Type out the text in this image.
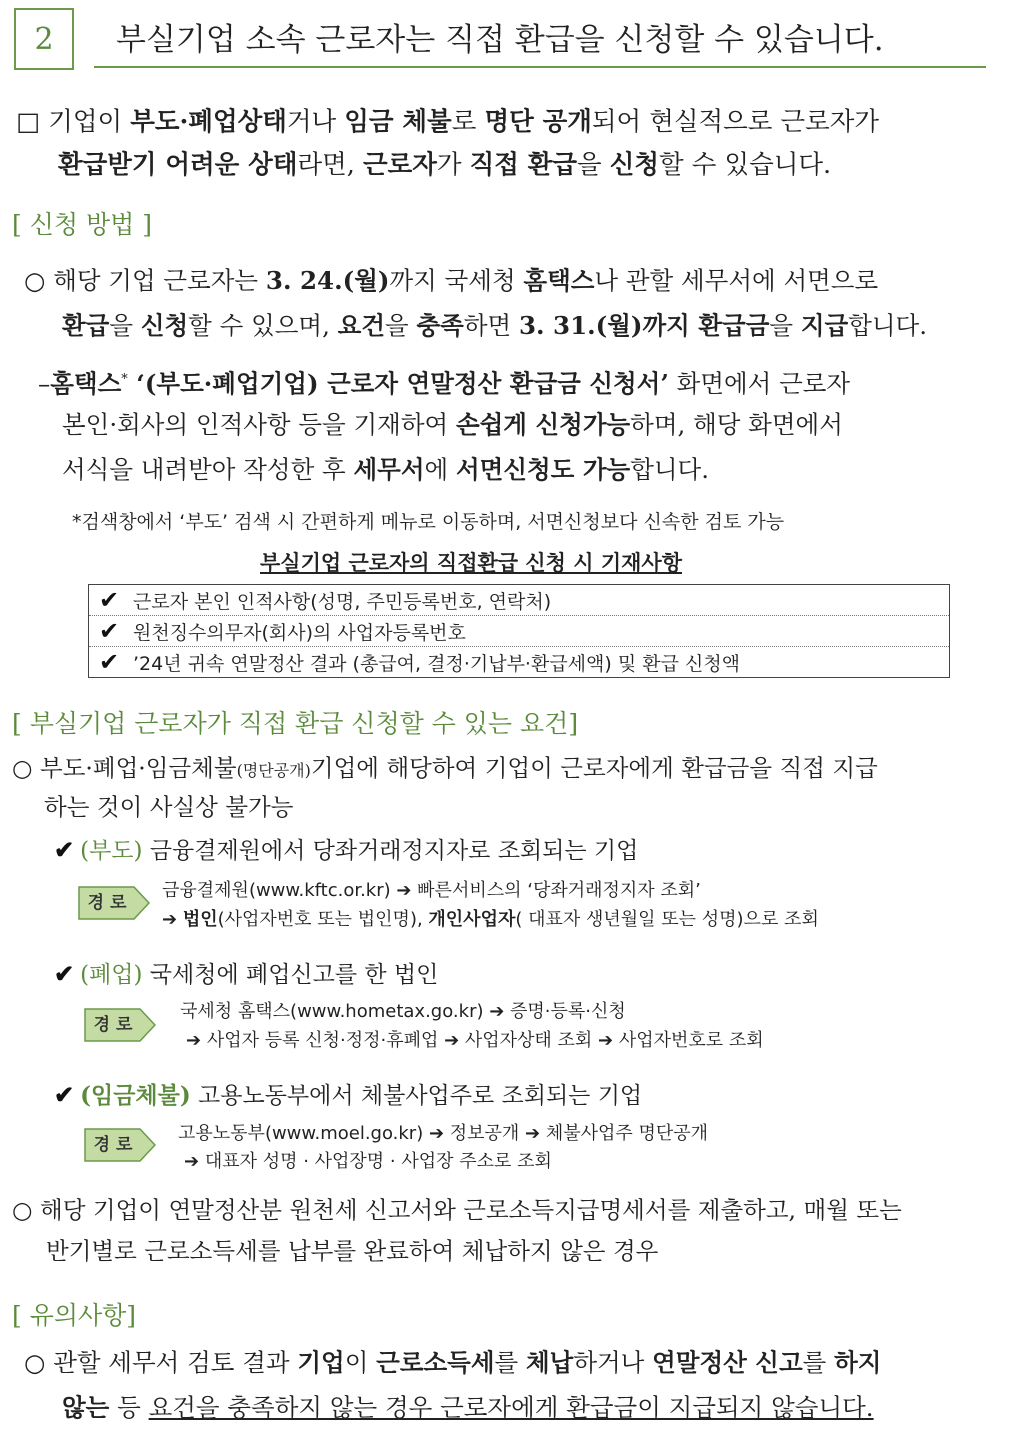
2 부실기업 소속 근로자는 직접 환급을 신청할 수 있습니다.
□ 기업이 부도·폐업상태거나 임금 체불로 명단 공개되어 현실적으로 근로자가
환급받기 어려운 상태라면, 근로자가 직접 환급을 신청할 수 있습니다.
[ 신청 방법 ]
○ 해당 기업 근로자는 3. 24.(월)까지 국세청 홈택스나 관할 세무서에 서면으로
환급을 신청할 수 있으며, 요건을 충족하면 3. 31.(월)까지 환급금을 지급합니다.
–홈택스* ‘(부도·폐업기업) 근로자 연말정산 환급금 신청서’ 화면에서 근로자
본인·회사의 인적사항 등을 기재하여 손쉽게 신청가능하며, 해당 화면에서
서식을 내려받아 작성한 후 세무서에 서면신청도 가능합니다.
*검색창에서 ‘부도’ 검색 시 간편하게 메뉴로 이동하며, 서면신청보다 신속한 검토 가능
부실기업 근로자의 직접환급 신청 시 기재사항
✔ 근로자 본인 인적사항(성명, 주민등록번호, 연락처)
✔ 원천징수의무자(회사)의 사업자등록번호
✔ ’24년 귀속 연말정산 결과 (총급여, 결정·기납부·환급세액) 및 환급 신청액
[ 부실기업 근로자가 직접 환급 신청할 수 있는 요건]
○ 부도·폐업·임금체불(명단공개)기업에 해당하여 기업이 근로자에게 환급금을 직접 지급
하는 것이 사실상 불가능
✔ (부도) 금융결제원에서 당좌거래정지자로 조회되는 기업
경 로
금융결제원(www.kftc.or.kr) ➔ 빠른서비스의 ‘당좌거래정지자 조회’
➔ 법인(사업자번호 또는 법인명), 개인사업자( 대표자 생년월일 또는 성명)으로 조회
✔ (폐업) 국세청에 폐업신고를 한 법인
경 로
국세청 홈택스(www.hometax.go.kr) ➔ 증명·등록·신청
➔ 사업자 등록 신청·정정·휴폐업 ➔ 사업자상태 조회 ➔ 사업자번호로 조회
✔ (임금체불) 고용노동부에서 체불사업주로 조회되는 기업
경 로
고용노동부(www.moel.go.kr) ➔ 정보공개 ➔ 체불사업주 명단공개
➔ 대표자 성명 · 사업장명 · 사업장 주소로 조회
○ 해당 기업이 연말정산분 원천세 신고서와 근로소득지급명세서를 제출하고, 매월 또는
반기별로 근로소득세를 납부를 완료하여 체납하지 않은 경우
[ 유의사항]
○ 관할 세무서 검토 결과 기업이 근로소득세를 체납하거나 연말정산 신고를 하지
않는 등 요건을 충족하지 않는 경우 근로자에게 환급금이 지급되지 않습니다.
